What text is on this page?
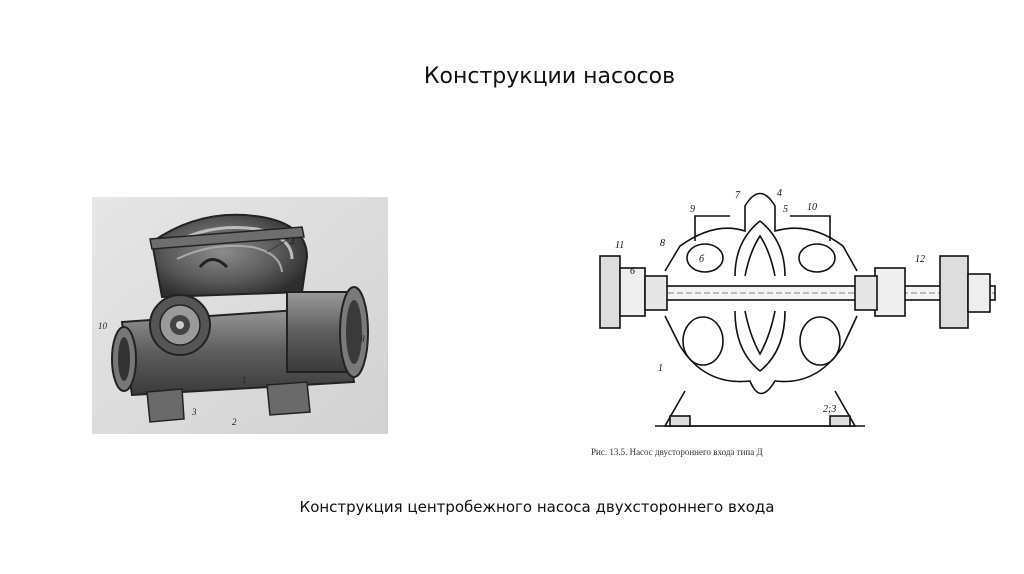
Конструкции насосов
4
10
8
3
2
1
7	4
5
9	10
8
6
11
12
б
1
2;3
Рис. 13.5. Насос двустороннего входа типа Д
Конструкция центробежного насоса двухстороннего входа
